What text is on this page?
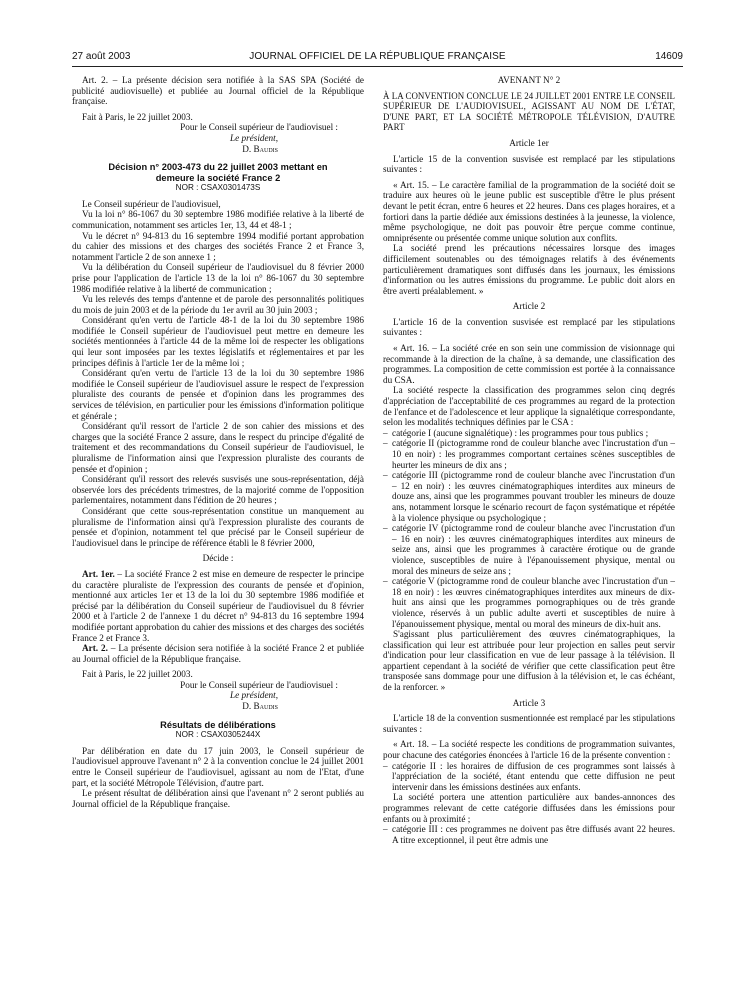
27 août 2003	JOURNAL OFFICIEL DE LA RÉPUBLIQUE FRANÇAISE	14609

Art. 2. – La présente décision sera notifiée à la SAS SPA (Société de publicité audiovisuelle) et publiée au Journal officiel de la République française.

Fait à Paris, le 22 juillet 2003.

Pour le Conseil supérieur de l'audiovisuel :

Le président,

D. Baudis

Décision n° 2003-473 du 22 juillet 2003 mettant en demeure la société France 2

NOR : CSAX0301473S

Le Conseil supérieur de l'audiovisuel,

Vu la loi n° 86-1067 du 30 septembre 1986 modifiée relative à la liberté de communication, notamment ses articles 1er, 13, 44 et 48-1 ;

Vu le décret n° 94-813 du 16 septembre 1994 modifié portant approbation du cahier des missions et des charges des sociétés France 2 et France 3, notamment l'article 2 de son annexe 1 ;

Vu la délibération du Conseil supérieur de l'audiovisuel du 8 février 2000 prise pour l'application de l'article 13 de la loi n° 86-1067 du 30 septembre 1986 modifiée relative à la liberté de communication ;

Vu les relevés des temps d'antenne et de parole des personnalités politiques du mois de juin 2003 et de la période du 1er avril au 30 juin 2003 ;

Considérant qu'en vertu de l'article 48-1 de la loi du 30 septembre 1986 modifiée le Conseil supérieur de l'audiovisuel peut mettre en demeure les sociétés mentionnées à l'article 44 de la même loi de respecter les obligations qui leur sont imposées par les textes législatifs et réglementaires et par les principes définis à l'article 1er de la même loi ;

Considérant qu'en vertu de l'article 13 de la loi du 30 septembre 1986 modifiée le Conseil supérieur de l'audiovisuel assure le respect de l'expression pluraliste des courants de pensée et d'opinion dans les programmes des services de télévision, en particulier pour les émissions d'information politique et générale ;

Considérant qu'il ressort de l'article 2 de son cahier des missions et des charges que la société France 2 assure, dans le respect du principe d'égalité de traitement et des recommandations du Conseil supérieur de l'audiovisuel, le pluralisme de l'information ainsi que l'expression pluraliste des courants de pensée et d'opinion ;

Considérant qu'il ressort des relevés susvisés une sous-représentation, déjà observée lors des précédents trimestres, de la majorité comme de l'opposition parlementaires, notamment dans l'édition de 20 heures ;

Considérant que cette sous-représentation constitue un manquement au pluralisme de l'information ainsi qu'à l'expression pluraliste des courants de pensée et d'opinion, notamment tel que précisé par le Conseil supérieur de l'audiovisuel dans le principe de référence établi le 8 février 2000,

Décide :

Art. 1er. – La société France 2 est mise en demeure de respecter le principe du caractère pluraliste de l'expression des courants de pensée et d'opinion, mentionné aux articles 1er et 13 de la loi du 30 septembre 1986 modifiée et précisé par la délibération du Conseil supérieur de l'audiovisuel du 8 février 2000 et à l'article 2 de l'annexe 1 du décret n° 94-813 du 16 septembre 1994 modifiée portant approbation du cahier des missions et des charges des sociétés France 2 et France 3.

Art. 2. – La présente décision sera notifiée à la société France 2 et publiée au Journal officiel de la République française.

Fait à Paris, le 22 juillet 2003.

Pour le Conseil supérieur de l'audiovisuel :

Le président,

D. Baudis

Résultats de délibérations

NOR : CSAX0305244X

Par délibération en date du 17 juin 2003, le Conseil supérieur de l'audiovisuel approuve l'avenant n° 2 à la convention conclue le 24 juillet 2001 entre le Conseil supérieur de l'audiovisuel, agissant au nom de l'Etat, d'une part, et la société Métropole Télévision, d'autre part.

Le présent résultat de délibération ainsi que l'avenant n° 2 seront publiés au Journal officiel de la République française.

AVENANT N° 2

À LA CONVENTION CONCLUE LE 24 JUILLET 2001 ENTRE LE CONSEIL SUPÉRIEUR DE L'AUDIOVISUEL, AGISSANT AU NOM DE L'ÉTAT, D'UNE PART, ET LA SOCIÉTÉ MÉTROPOLE TÉLÉVISION, D'AUTRE PART

Article 1er

L'article 15 de la convention susvisée est remplacé par les stipulations suivantes :

« Art. 15. – Le caractère familial de la programmation de la société doit se traduire aux heures où le jeune public est susceptible d'être le plus présent devant le petit écran, entre 6 heures et 22 heures. Dans ces plages horaires, et a fortiori dans la partie dédiée aux émissions destinées à la jeunesse, la violence, même psychologique, ne doit pas pouvoir être perçue comme continue, omniprésente ou présentée comme unique solution aux conflits.

La société prend les précautions nécessaires lorsque des images difficilement soutenables ou des témoignages relatifs à des événements particulièrement dramatiques sont diffusés dans les journaux, les émissions d'information ou les autres émissions du programme. Le public doit alors en être averti préalablement. »

Article 2

L'article 16 de la convention susvisée est remplacé par les stipulations suivantes :

« Art. 16. – La société crée en son sein une commission de visionnage qui recommande à la direction de la chaîne, à sa demande, une classification des programmes. La composition de cette commission est portée à la connaissance du CSA.

La société respecte la classification des programmes selon cinq degrés d'appréciation de l'acceptabilité de ces programmes au regard de la protection de l'enfance et de l'adolescence et leur applique la signalétique correspondante, selon les modalités techniques définies par le CSA :

– catégorie I (aucune signalétique) : les programmes pour tous publics ;
– catégorie II (pictogramme rond de couleur blanche avec l'incrustation d'un – 10 en noir) : les programmes comportant certaines scènes susceptibles de heurter les mineurs de dix ans ;
– catégorie III (pictogramme rond de couleur blanche avec l'incrustation d'un – 12 en noir) : les œuvres cinématographiques interdites aux mineurs de douze ans, ainsi que les programmes pouvant troubler les mineurs de douze ans, notamment lorsque le scénario recourt de façon systématique et répétée à la violence physique ou psychologique ;
– catégorie IV (pictogramme rond de couleur blanche avec l'incrustation d'un – 16 en noir) : les œuvres cinématographiques interdites aux mineurs de seize ans, ainsi que les programmes à caractère érotique ou de grande violence, susceptibles de nuire à l'épanouissement physique, mental ou moral des mineurs de seize ans ;
– catégorie V (pictogramme rond de couleur blanche avec l'incrustation d'un – 18 en noir) : les œuvres cinématographiques interdites aux mineurs de dix-huit ans ainsi que les programmes pornographiques ou de très grande violence, réservés à un public adulte averti et susceptibles de nuire à l'épanouissement physique, mental ou moral des mineurs de dix-huit ans.

S'agissant plus particulièrement des œuvres cinématographiques, la classification qui leur est attribuée pour leur projection en salles peut servir d'indication pour leur classification en vue de leur passage à la télévision. Il appartient cependant à la société de vérifier que cette classification peut être transposée sans dommage pour une diffusion à la télévision et, le cas échéant, de la renforcer. »

Article 3

L'article 18 de la convention susmentionnée est remplacé par les stipulations suivantes :

« Art. 18. – La société respecte les conditions de programmation suivantes, pour chacune des catégories énoncées à l'article 16 de la présente convention :

– catégorie II : les horaires de diffusion de ces programmes sont laissés à l'appréciation de la société, étant entendu que cette diffusion ne peut intervenir dans les émissions destinées aux enfants.

La société portera une attention particulière aux bandes-annonces des programmes relevant de cette catégorie diffusées dans les émissions pour enfants ou à proximité ;

– catégorie III : ces programmes ne doivent pas être diffusés avant 22 heures. A titre exceptionnel, il peut être admis une
